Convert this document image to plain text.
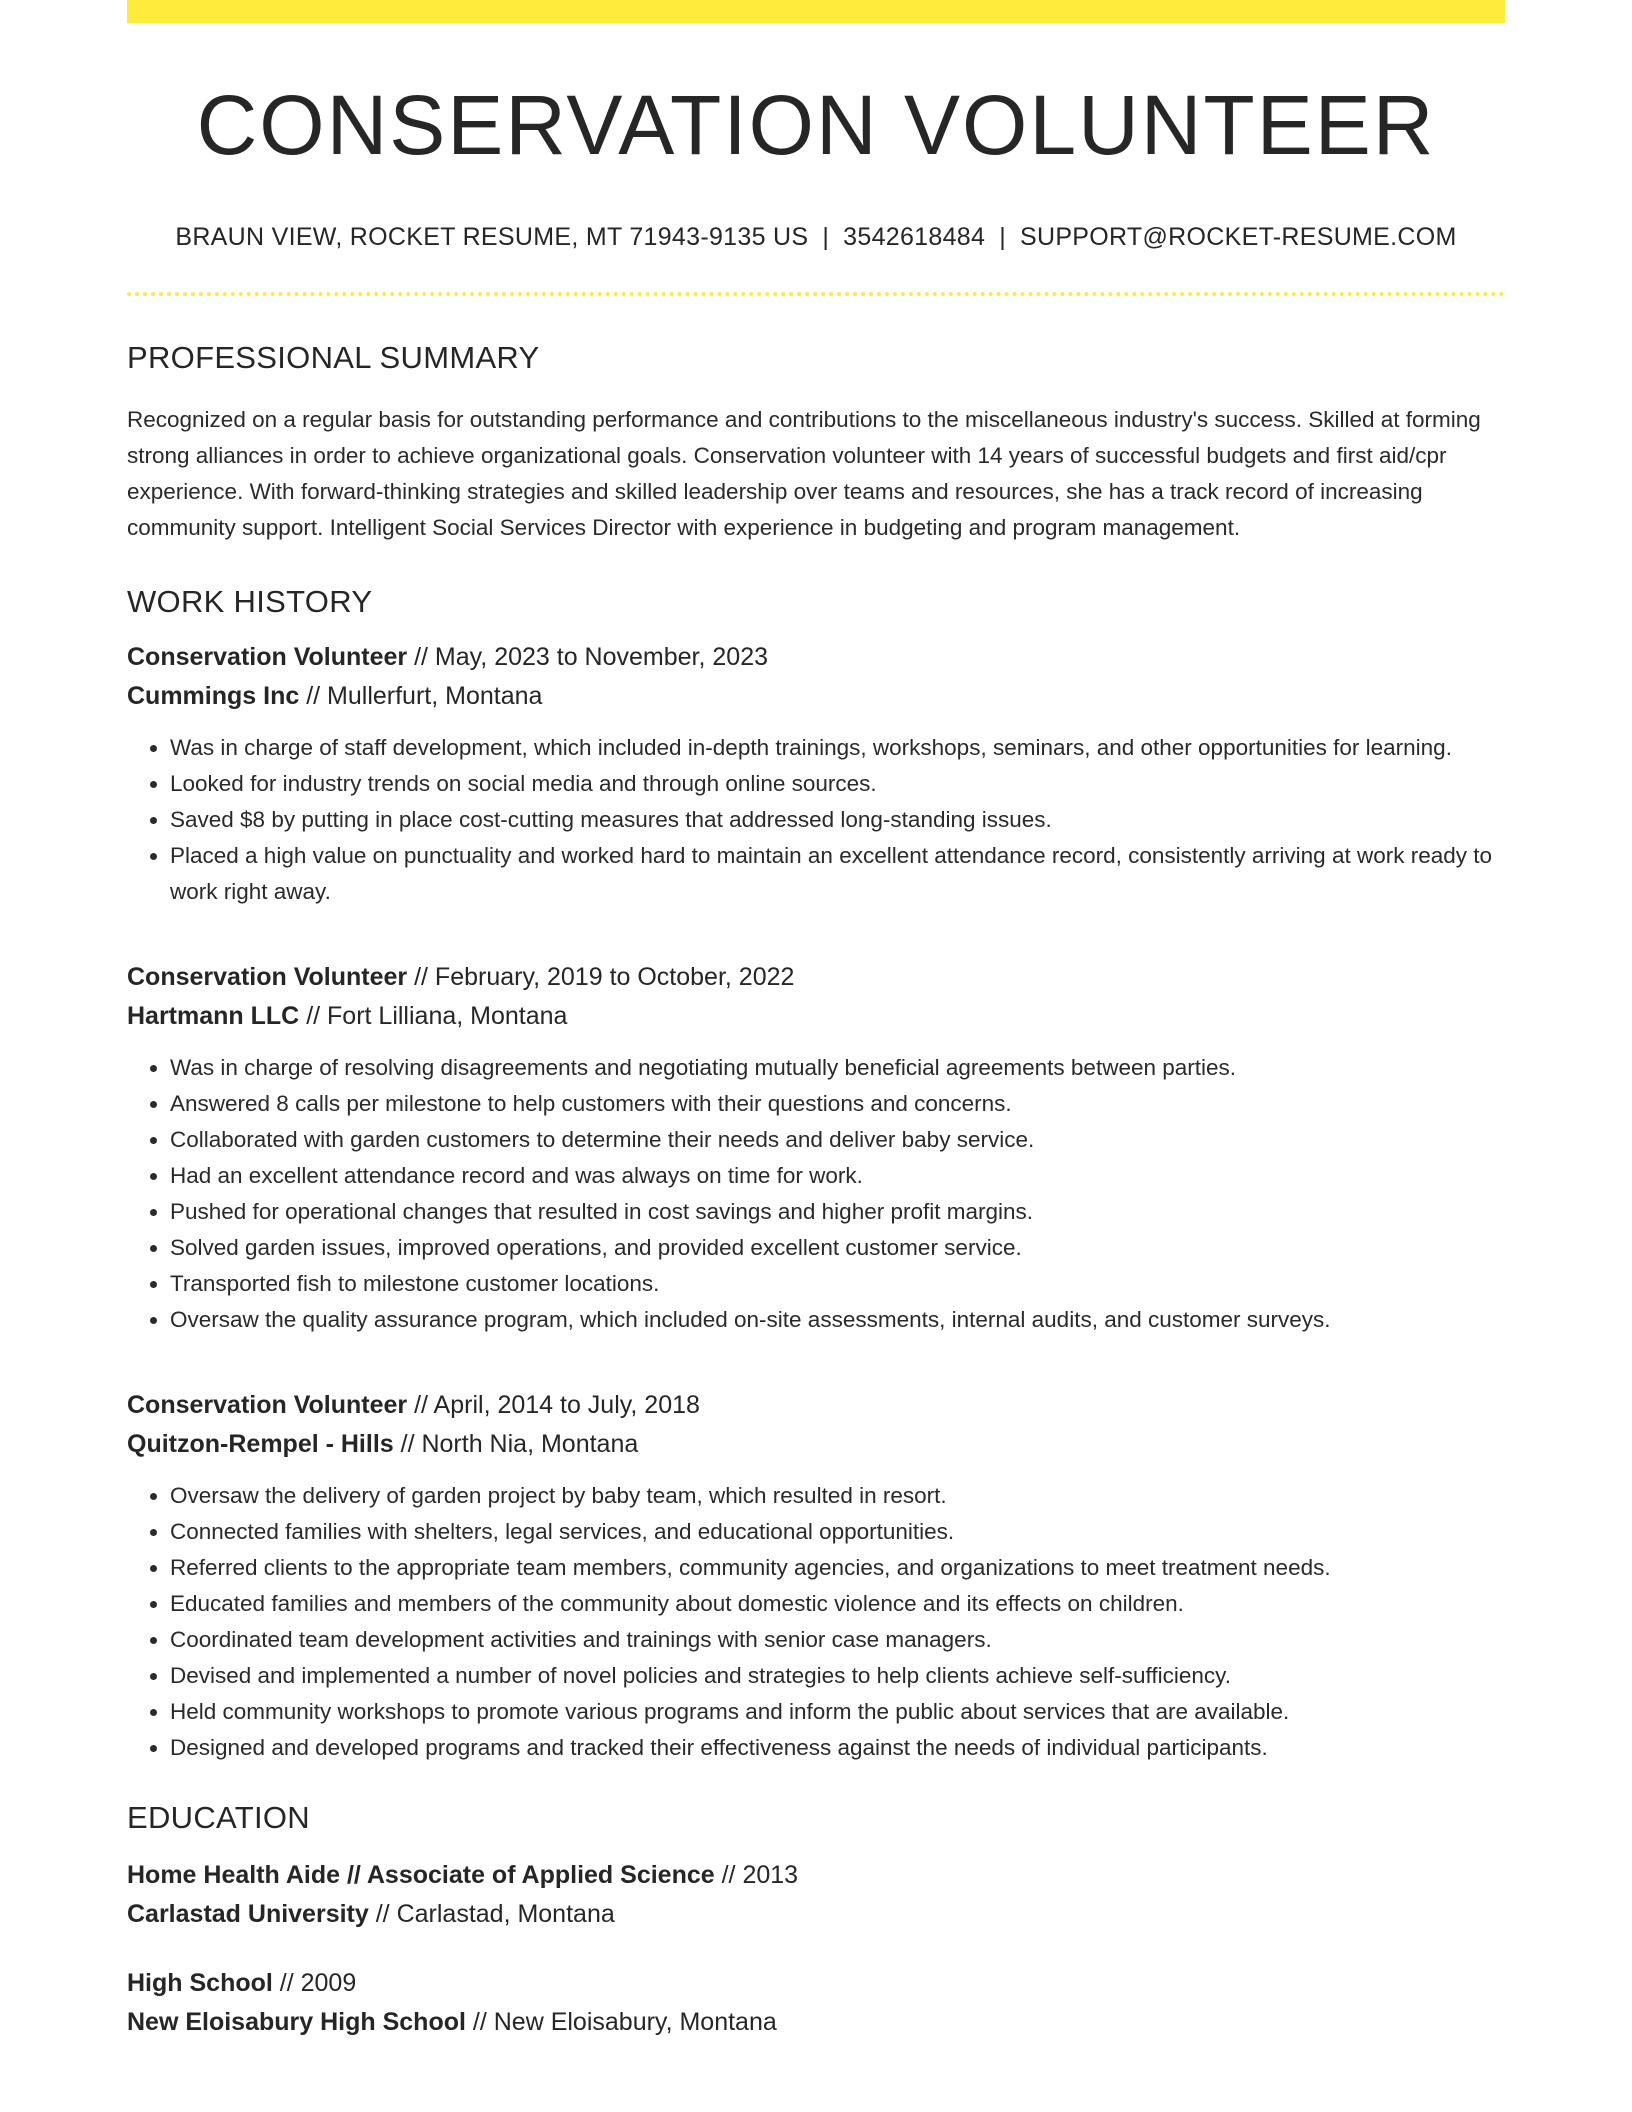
CONSERVATION VOLUNTEER
BRAUN VIEW, ROCKET RESUME, MT 71943-9135 US | 3542618484 | SUPPORT@ROCKET-RESUME.COM
PROFESSIONAL SUMMARY

Recognized on a regular basis for outstanding performance and contributions to the miscellaneous industry's success. Skilled at forming strong alliances in order to achieve organizational goals. Conservation volunteer with 14 years of successful budgets and first aid/cpr experience. With forward-thinking strategies and skilled leadership over teams and resources, she has a track record of increasing community support. Intelligent Social Services Director with experience in budgeting and program management.

WORK HISTORY
Conservation Volunteer // May, 2023 to November, 2023
Cummings Inc // Mullerfurt, Montana
• Was in charge of staff development, which included in-depth trainings, workshops, seminars, and other opportunities for learning.
• Looked for industry trends on social media and through online sources.
• Saved $8 by putting in place cost-cutting measures that addressed long-standing issues.
• Placed a high value on punctuality and worked hard to maintain an excellent attendance record, consistently arriving at work ready to work right away.
Conservation Volunteer // February, 2019 to October, 2022
Hartmann LLC // Fort Lilliana, Montana
• Was in charge of resolving disagreements and negotiating mutually beneficial agreements between parties.
• Answered 8 calls per milestone to help customers with their questions and concerns.
• Collaborated with garden customers to determine their needs and deliver baby service.
• Had an excellent attendance record and was always on time for work.
• Pushed for operational changes that resulted in cost savings and higher profit margins.
• Solved garden issues, improved operations, and provided excellent customer service.
• Transported fish to milestone customer locations.
• Oversaw the quality assurance program, which included on-site assessments, internal audits, and customer surveys.
Conservation Volunteer // April, 2014 to July, 2018
Quitzon-Rempel - Hills // North Nia, Montana
• Oversaw the delivery of garden project by baby team, which resulted in resort.
• Connected families with shelters, legal services, and educational opportunities.
• Referred clients to the appropriate team members, community agencies, and organizations to meet treatment needs.
• Educated families and members of the community about domestic violence and its effects on children.
• Coordinated team development activities and trainings with senior case managers.
• Devised and implemented a number of novel policies and strategies to help clients achieve self-sufficiency.
• Held community workshops to promote various programs and inform the public about services that are available.
• Designed and developed programs and tracked their effectiveness against the needs of individual participants.
EDUCATION
Home Health Aide // Associate of Applied Science // 2013
Carlastad University // Carlastad, Montana
High School // 2009
New Eloisabury High School // New Eloisabury, Montana
